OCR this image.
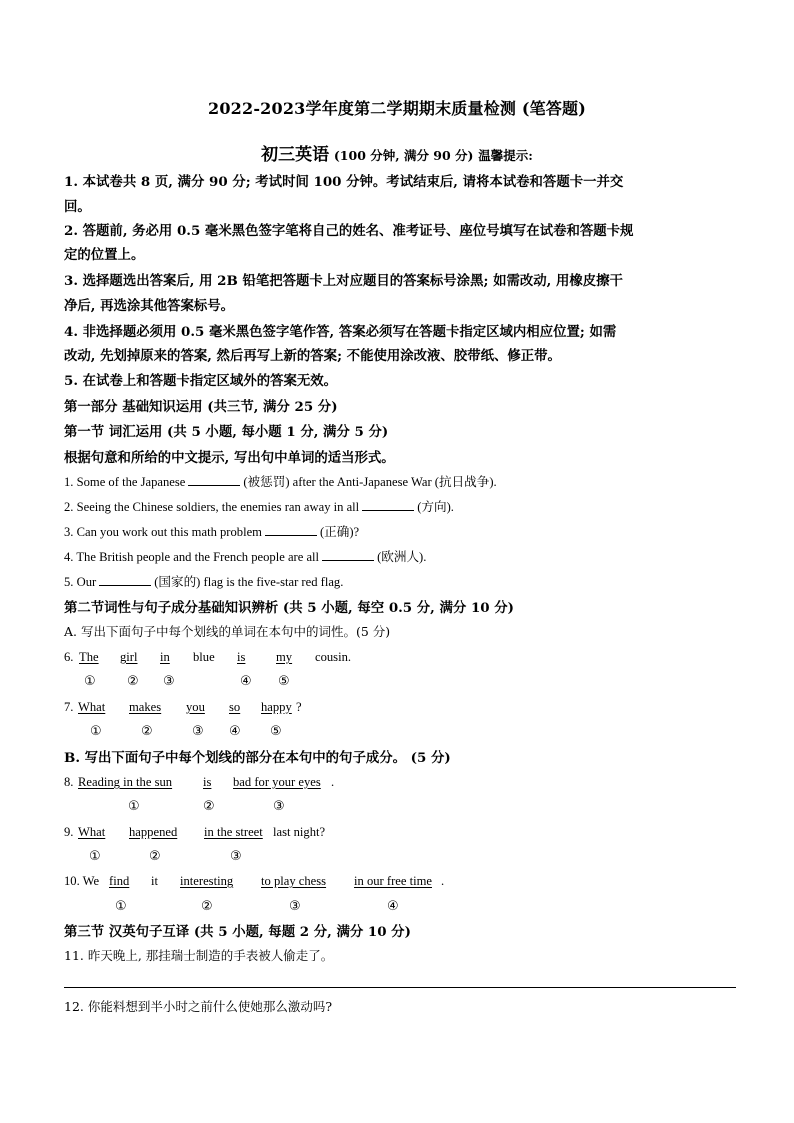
2022-2023学年度第二学期期末质量检测 (笔答题)
初三英语 (100 分钟, 满分 90 分) 温馨提示:
1. 本试卷共 8 页, 满分 90 分; 考试时间 100 分钟。考试结束后, 请将本试卷和答题卡一并交
回。
2. 答题前, 务必用 0.5 毫米黑色签字笔将自己的姓名、准考证号、座位号填写在试卷和答题卡规
定的位置上。
3. 选择题选出答案后, 用 2B 铅笔把答题卡上对应题目的答案标号涂黑; 如需改动, 用橡皮擦干
净后, 再选涂其他答案标号。
4. 非选择题必须用 0.5 毫米黑色签字笔作答, 答案必须写在答题卡指定区域内相应位置; 如需
改动, 先划掉原来的答案, 然后再写上新的答案; 不能使用涂改液、胶带纸、修正带。
5. 在试卷上和答题卡指定区域外的答案无效。
第一部分 基础知识运用 (共三节, 满分 25 分)
第一节 词汇运用 (共 5 小题, 每小题 1 分, 满分 5 分)
根据句意和所给的中文提示, 写出句中单词的适当形式。
1. Some of the Japanese	(被惩罚) after the Anti-Japanese War (抗日战争).
2. Seeing the Chinese soldiers, the enemies ran away in all	(方向).
3. Can you work out this math problem	(正确)?
4. The British people and the French people are all	(欧洲人).
5. Our	(国家的) flag is the five-star red flag.
第二节词性与句子成分基础知识辨析 (共 5 小题, 每空 0.5 分, 满分 10 分)
A. 写出下面句子中每个划线的单词在本句中的词性。(5 分)
6. The girl in blue is my cousin.
① ② ③	④ ⑤
7. What makes you so happy ?
①	②	③ ④ ⑤
B. 写出下面句子中每个划线的部分在本句中的句子成分。 (5 分)
8. Reading in the sun is bad for your eyes .
①	②	③
9. What happened in the street last night?
①	②	③
10. We find it interesting to play chess in our free time .
①	②	③	④
第三节 汉英句子互译 (共 5 小题, 每题 2 分, 满分 10 分)
11. 昨天晚上, 那挂瑞士制造的手表被人偷走了。
12. 你能料想到半小时之前什么使她那么激动吗?
